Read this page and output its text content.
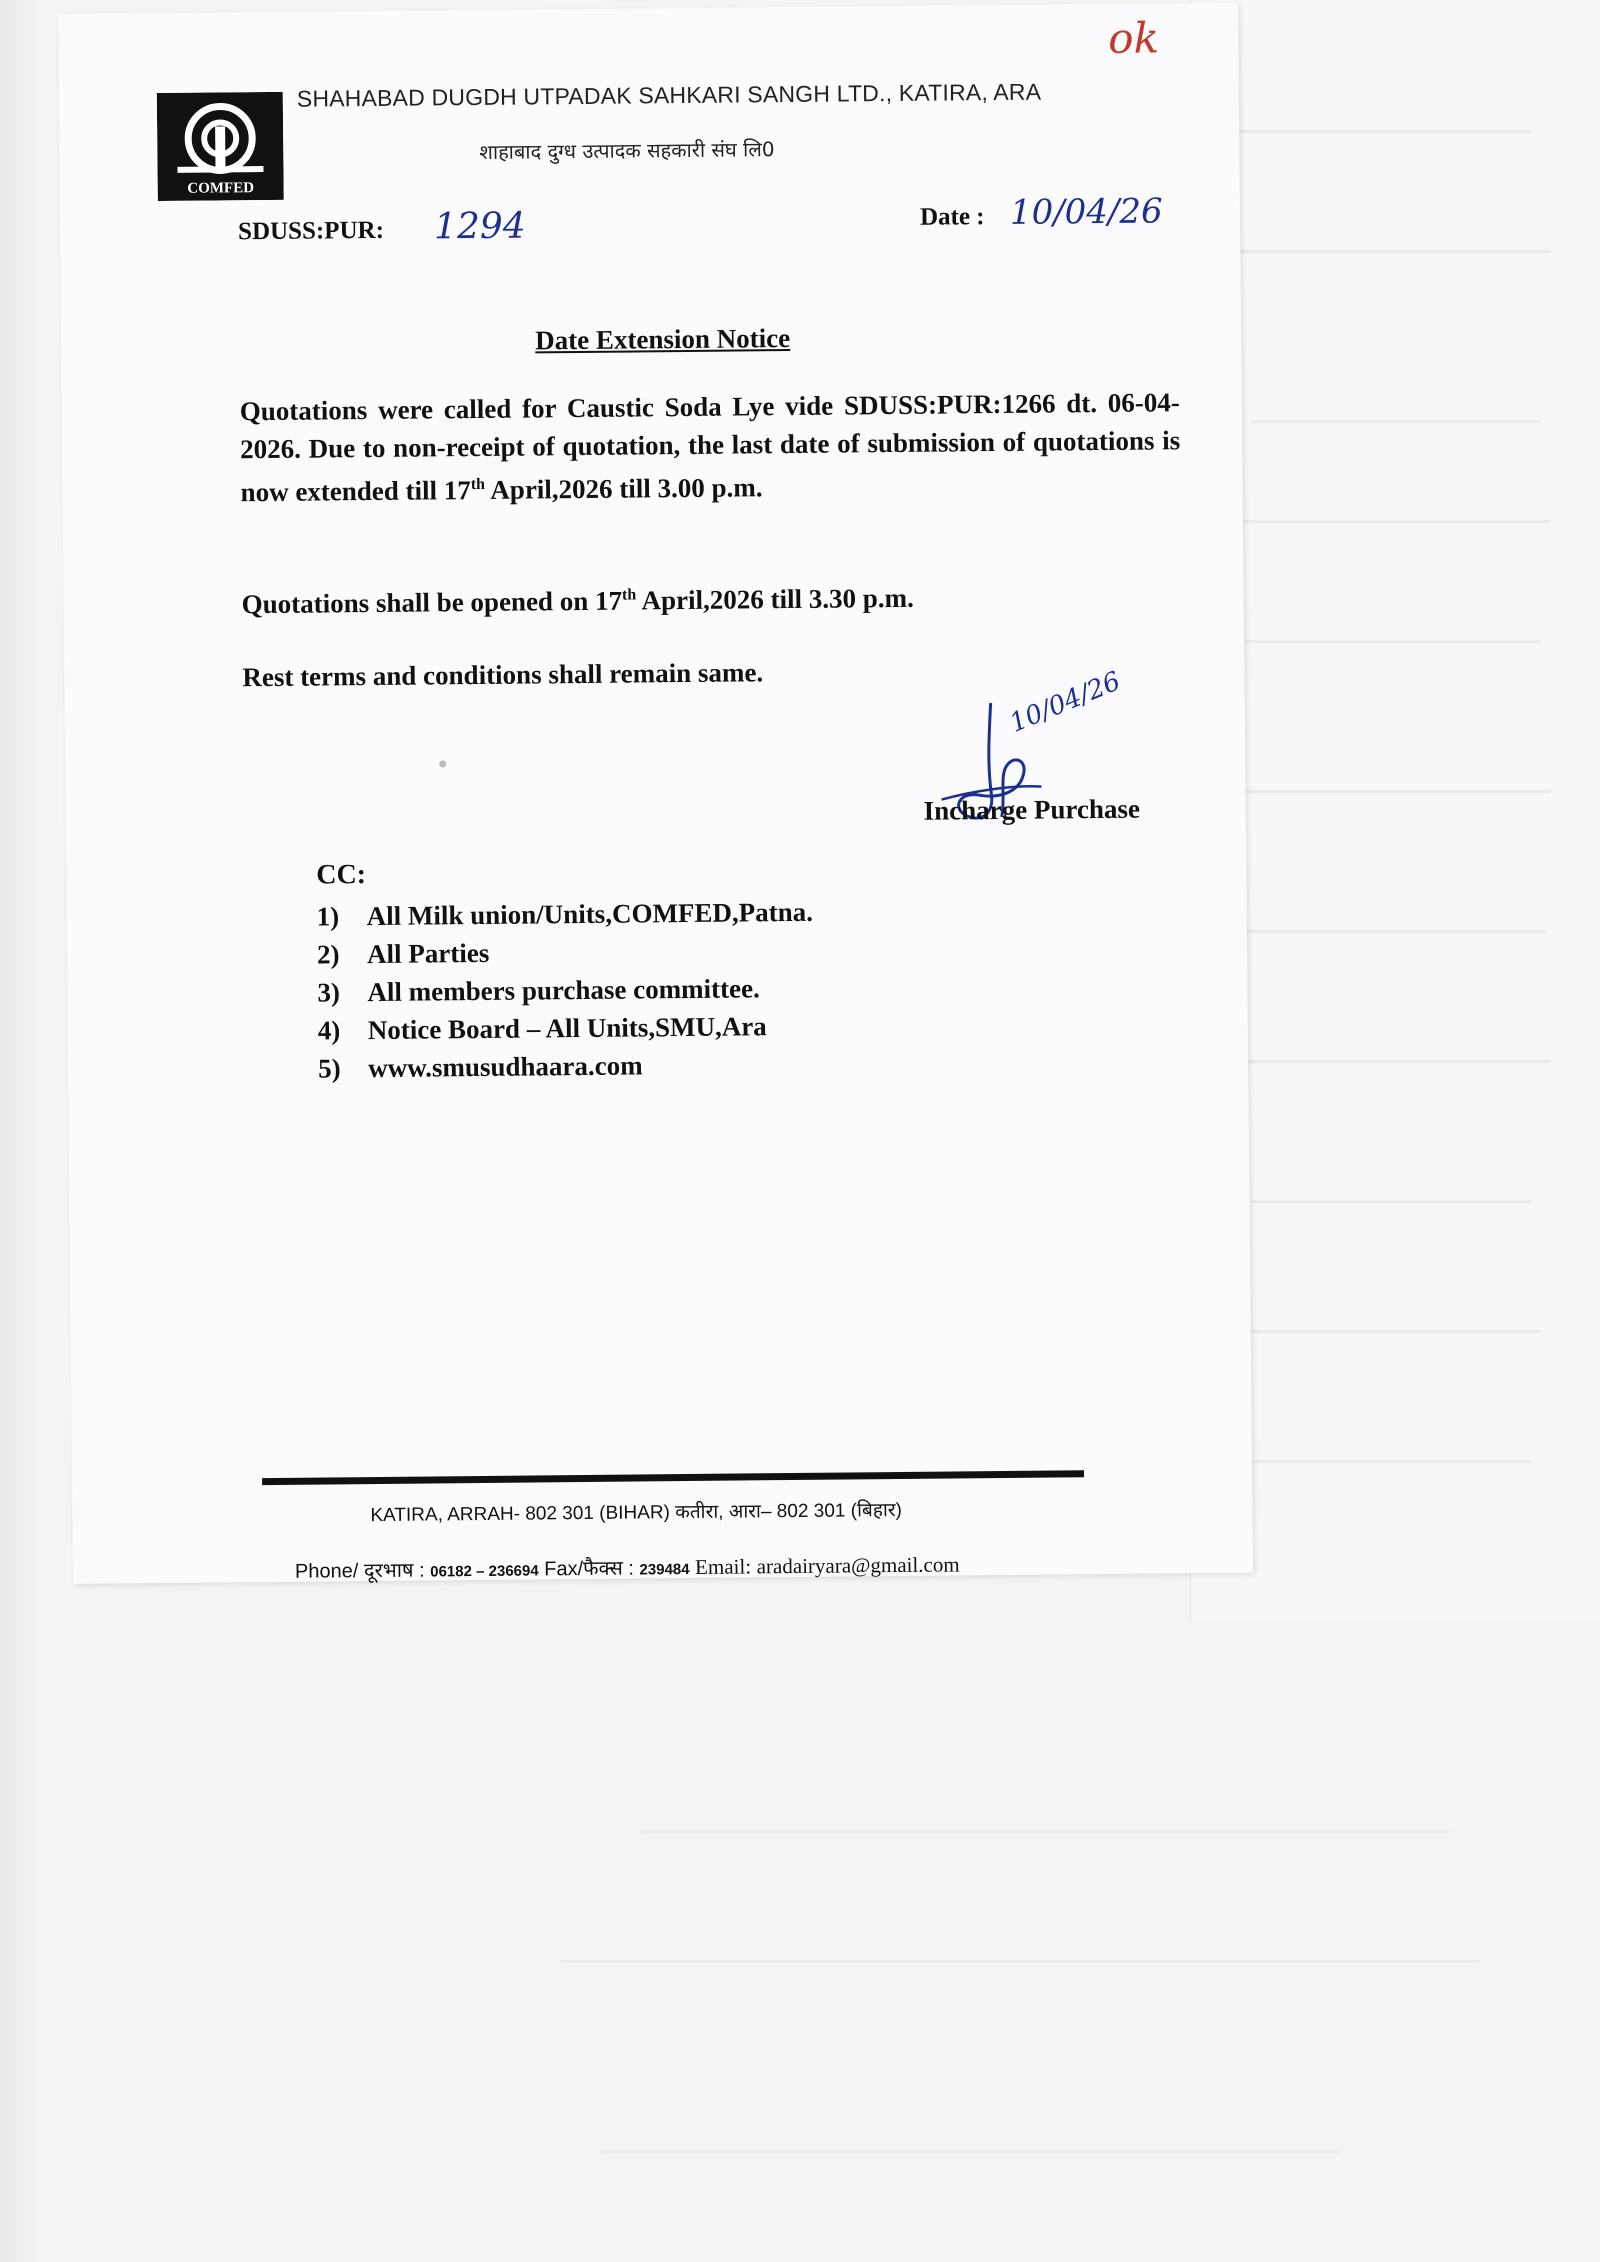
ok
COMFED
SHAHABAD DUGDH UTPADAK SAHKARI SANGH LTD., KATIRA, ARA
शाहाबाद दुग्ध उत्पादक सहकारी संघ लि0
SDUSS:PUR: 1294	Date : 10/04/26
Date Extension Notice
Quotations were called for Caustic Soda Lye vide SDUSS:PUR:1266 dt. 06-04- 2026. Due to non-receipt of quotation, the last date of submission of quotations is now extended till 17th April,2026 till 3.00 p.m.
Quotations shall be opened on 17th April,2026 till 3.30 p.m.
Rest terms and conditions shall remain same.	10/04/26
Incharge Purchase
CC:
1)	All Milk union/Units,COMFED,Patna.
2)	All Parties
3)	All members purchase committee.
4)	Notice Board – All Units,SMU,Ara
5)	www.smusudhaara.com
KATIRA, ARRAH- 802 301 (BIHAR) कतीरा, आरा– 802 301 (बिहार)
Phone/ दूरभाष : 06182 – 236694 Fax/फैक्स : 239484 Email: aradairyara@gmail.com
